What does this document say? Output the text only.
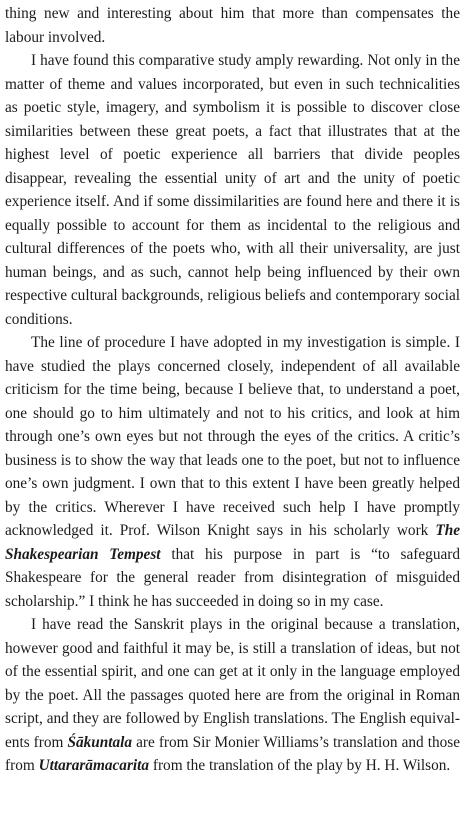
thing new and interesting about him that more than compensates the labour involved.

I have found this comparative study amply rewarding. Not only in the matter of theme and values incorporated, but even in such technicalities as poetic style, imagery, and symbolism it is possible to discover close similarities between these great poets, a fact that illustrates that at the highest level of poetic experience all barriers that divide peoples disappear, revealing the essential unity of art and the unity of poetic experience itself. And if some dissimilarities are found here and there it is equally possible to account for them as incidental to the religious and cultural differences of the poets who, with all their universality, are just human beings, and as such, cannot help being influenced by their own respective cultural backgrounds, religious beliefs and contemporary social conditions.

The line of procedure I have adopted in my investigation is simple. I have studied the plays concerned closely, independent of all available criticism for the time being, because I believe that, to understand a poet, one should go to him ultimately and not to his critics, and look at him through one’s own eyes but not through the eyes of the critics. A critic’s business is to show the way that leads one to the poet, but not to influence one’s own judgment. I own that to this extent I have been greatly helped by the critics. Wherever I have received such help I have promptly acknowledged it. Prof. Wilson Knight says in his scholarly work The Shakespearian Tempest that his purpose in part is “to safeguard Shakespeare for the general reader from disintegration of misguided scholarship.” I think he has succeeded in doing so in my case.

I have read the Sanskrit plays in the original because a translation, however good and faithful it may be, is still a translation of ideas, but not of the essential spirit, and one can get at it only in the language employed by the poet. All the passages quoted here are from the original in Roman script, and they are followed by English translations. The English equivalents from Śākuntala are from Sir Monier Williams’s translation and those from Uttararāmacarita from the translation of the play by H. H. Wilson.
